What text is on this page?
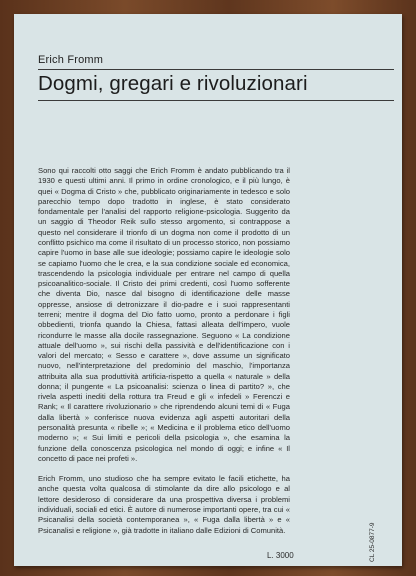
Erich Fromm
Dogmi, gregari e rivoluzionari

Sono qui raccolti otto saggi che Erich Fromm è andato pubblicando tra il 1930 e questi ultimi anni. Il primo in ordine cronologico, e il più lungo, è quei « Dogma di Cristo » che, pubblicato originariamente in tedesco e solo parecchio tempo dopo tradotto in inglese, è stato considerato fondamentale per l'analisi del rapporto religione-psicologia. Suggerito da un saggio di Theodor Reik sullo stesso argomento, si contrappose a questo nel considerare il trionfo di un dogma non come il prodotto di un conflitto psichico ma come il risultato di un processo storico, non possiamo capire l'uomo in base alle sue ideologie; possiamo capire le ideologie solo se capiamo l'uomo che le crea, e la sua condizione sociale ed economica, trascendendo la psicologia individuale per entrare nel campo di quella psicoanalitico-sociale. Il Cristo dei primi credenti, così l'uomo sofferente che diventa Dio, nasce dal bisogno di identificazione delle masse oppresse, ansiose di detronizzare il dio-padre e i suoi rappresentanti terreni; mentre il dogma del Dio fatto uomo, pronto a perdonare i figli obbedienti, trionfa quando la Chiesa, fattasi alleata dell'impero, vuole ricondurre le masse alla docile rassegnazione. Seguono « La condizione attuale dell'uomo », sui rischi della passività e dell'identificazione con i valori del mercato; « Sesso e carattere », dove assume un significato nuovo, nell'interpretazione del predominio del maschio, l'importanza attribuita alla sua produttività artificia-rispetto a quella « naturale » della donna; il pungente « La psicoanalisi: scienza o linea di partito? », che rivela aspetti inediti della rottura tra Freud e gli « infedeli » Ferenczi e Rank; « Il carattere rivoluzionario » che riprendendo alcuni temi di « Fuga dalla libertà » conferisce nuova evidenza agli aspetti autoritari della personalità presunta « ribelle »; « Medicina e il problema etico dell'uomo moderno »; « Sui limiti e pericoli della psicologia », che esamina la funzione della conoscenza psicologica nel mondo di oggi; e infine « Il concetto di pace nei profeti ».

Erich Fromm, uno studioso che ha sempre evitato le facili etichette, ha anche questa volta qualcosa di stimolante da dire allo psicologo e al lettore desideroso di considerare da una prospettiva diversa i problemi individuali, sociali ed etici. È autore di numerose importanti opere, tra cui « Psicanalisi della società contemporanea », « Fuga dalla libertà » e « Psicanalisi e religione », già tradotte in italiano dalle Edizioni di Comunità.

L. 3000	CL 25-0877-9
